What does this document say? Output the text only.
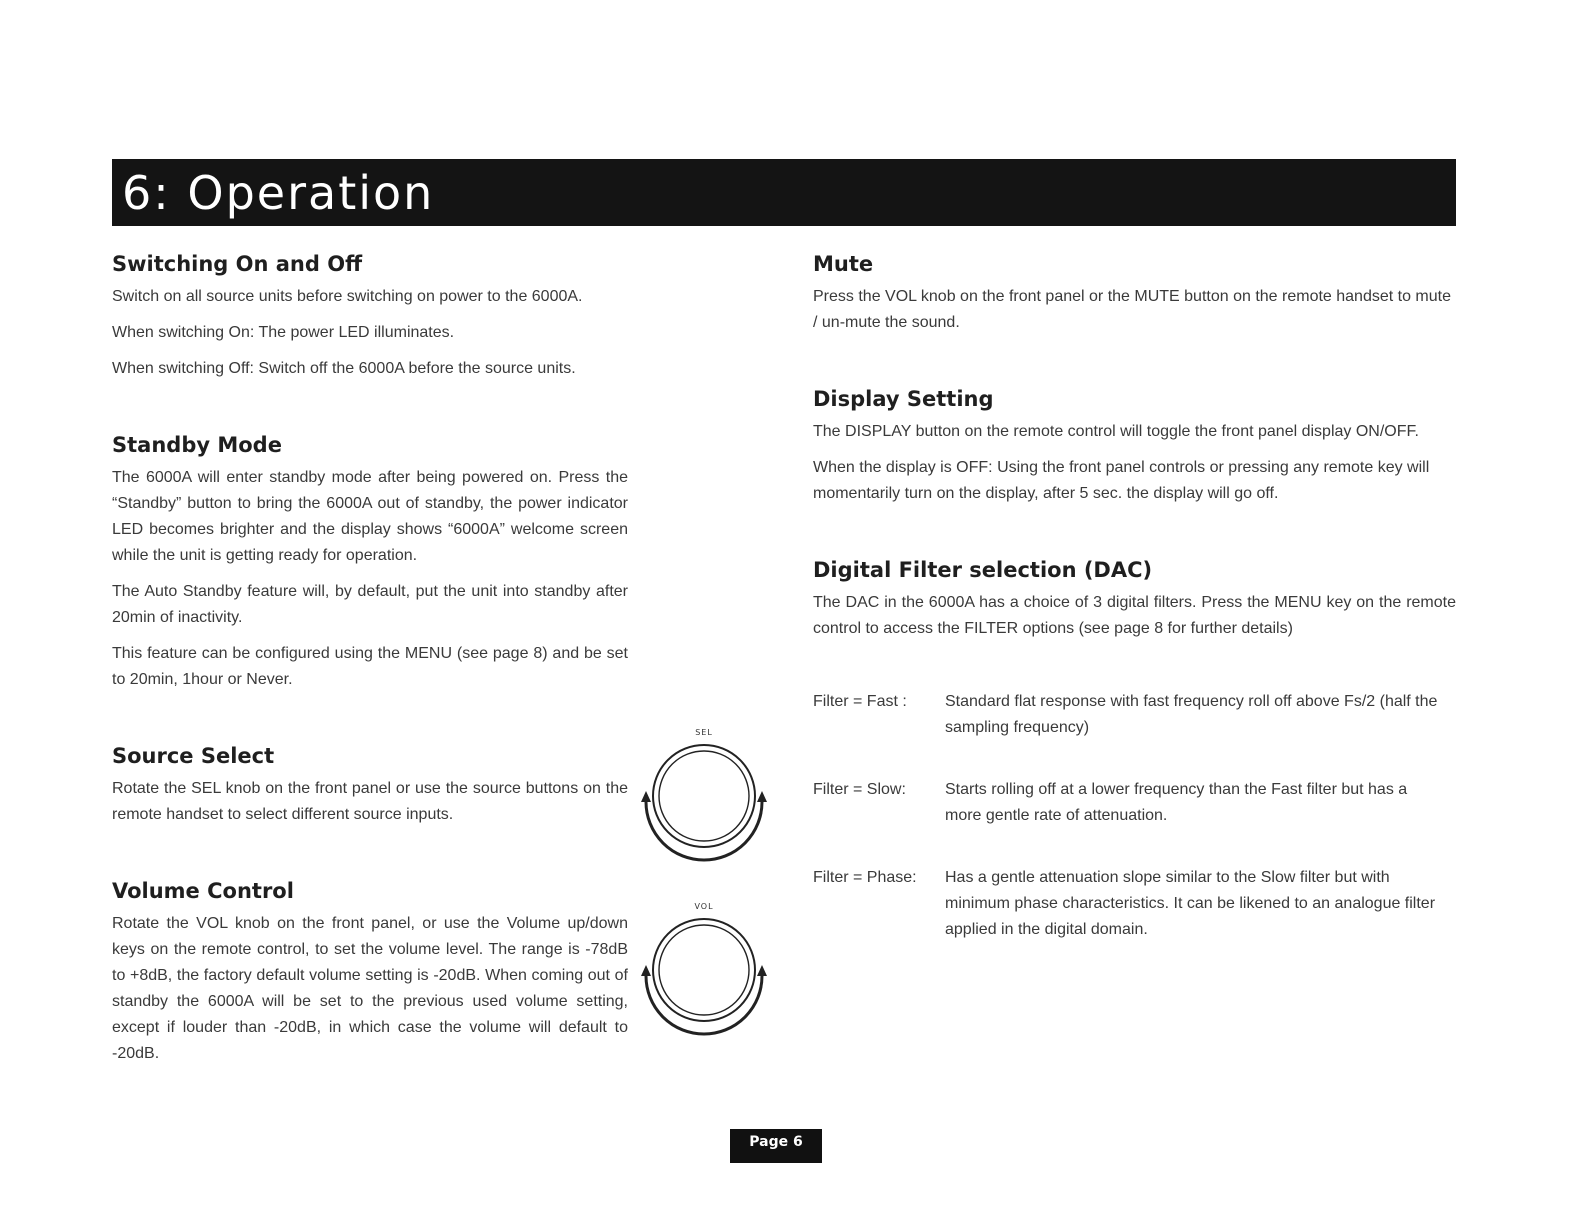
6: Operation
Switching On and Off

Switch on all source units before switching on power to the 6000A.

When switching On: The power LED illuminates.

When switching Off: Switch off the 6000A before the source units.

Standby Mode

The 6000A will enter standby mode after being powered on. Press the “Standby” button to bring the 6000A out of standby, the power indicator LED becomes brighter and the display shows “6000A” welcome screen while the unit is getting ready for operation.

The Auto Standby feature will, by default, put the unit into standby after 20min of inactivity.

This feature can be configured using the MENU (see page 8) and be set to 20min, 1hour or Never.

Source Select

Rotate the SEL knob on the front panel or use the source buttons on the remote handset to select different source inputs.

Volume Control

Rotate the VOL knob on the front panel, or use the Volume up/down keys on the remote control, to set the volume level. The range is -78dB to +8dB, the factory default volume setting is -20dB. When coming out of standby the 6000A will be set to the previous used volume setting, except if louder than -20dB, in which case the volume will default to -20dB.

SEL
VOL
Mute

Press the VOL knob on the front panel or the MUTE button on the remote handset to mute / un-mute the sound.

Display Setting

The DISPLAY button on the remote control will toggle the front panel display ON/OFF.

When the display is OFF: Using the front panel controls or pressing any remote key will momentarily turn on the display, after 5 sec. the display will go off.

Digital Filter selection (DAC)

The DAC in the 6000A has a choice of 3 digital filters. Press the MENU key on the remote control to access the FILTER options (see page 8 for further details)

Filter = Fast :	Standard flat response with fast frequency roll off above Fs/2 (half the sampling frequency)
Filter = Slow:	Starts rolling off at a lower frequency than the Fast filter but has a more gentle rate of attenuation.
Filter = Phase:	Has a gentle attenuation slope similar to the Slow filter but with minimum phase characteristics. It can be likened to an analogue filter applied in the digital domain.
Page 6
